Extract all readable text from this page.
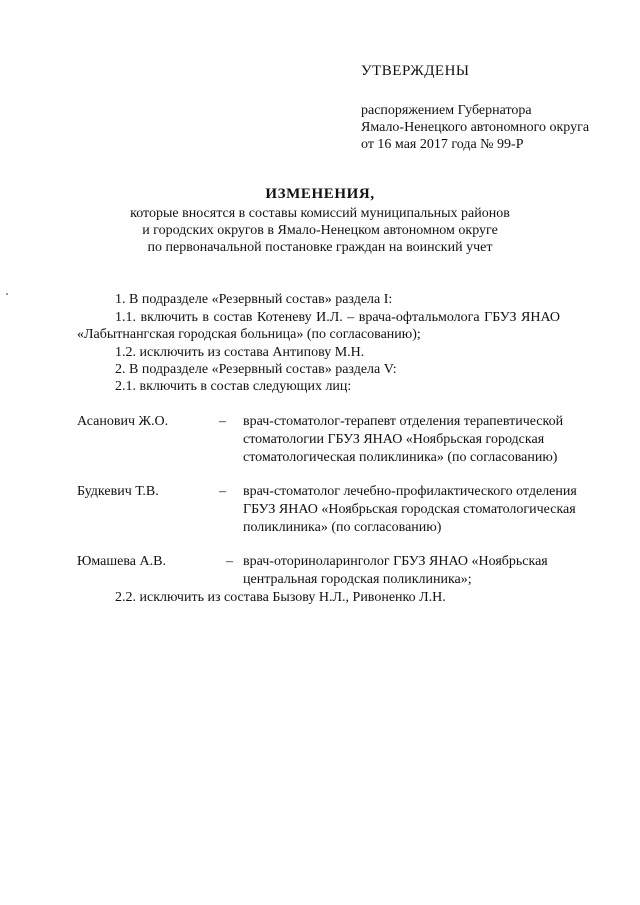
УТВЕРЖДЕНЫ
распоряжением Губернатора
Ямало-Ненецкого автономного округа
от 16 мая 2017 года № 99-Р
ИЗМЕНЕНИЯ,
которые вносятся в составы комиссий муниципальных районов
и городских округов в Ямало-Ненецком автономном округе
по первоначальной постановке граждан на воинский учет
1. В подразделе «Резервный состав» раздела I:
1.1. включить в состав Котеневу И.Л. – врача-офтальмолога ГБУЗ ЯНАО
«Лабытнангская городская больница» (по согласованию);
1.2. исключить из состава Антипову М.Н.
2. В подразделе «Резервный состав» раздела V:
2.1. включить в состав следующих лиц:
Асанович Ж.О.	– врач-стоматолог-терапевт отделения терапевтической
стоматологии ГБУЗ ЯНАО «Ноябрьская городская
стоматологическая поликлиника» (по согласованию)
Будкевич Т.В.	– врач-стоматолог лечебно-профилактического отделения
ГБУЗ ЯНАО «Ноябрьская городская стоматологическая
поликлиника» (по согласованию)
Юмашева А.В.	– врач-оториноларинголог ГБУЗ ЯНАО «Ноябрьская
центральная городская поликлиника»;
2.2. исключить из состава Бызову Н.Л., Ривоненко Л.Н.
